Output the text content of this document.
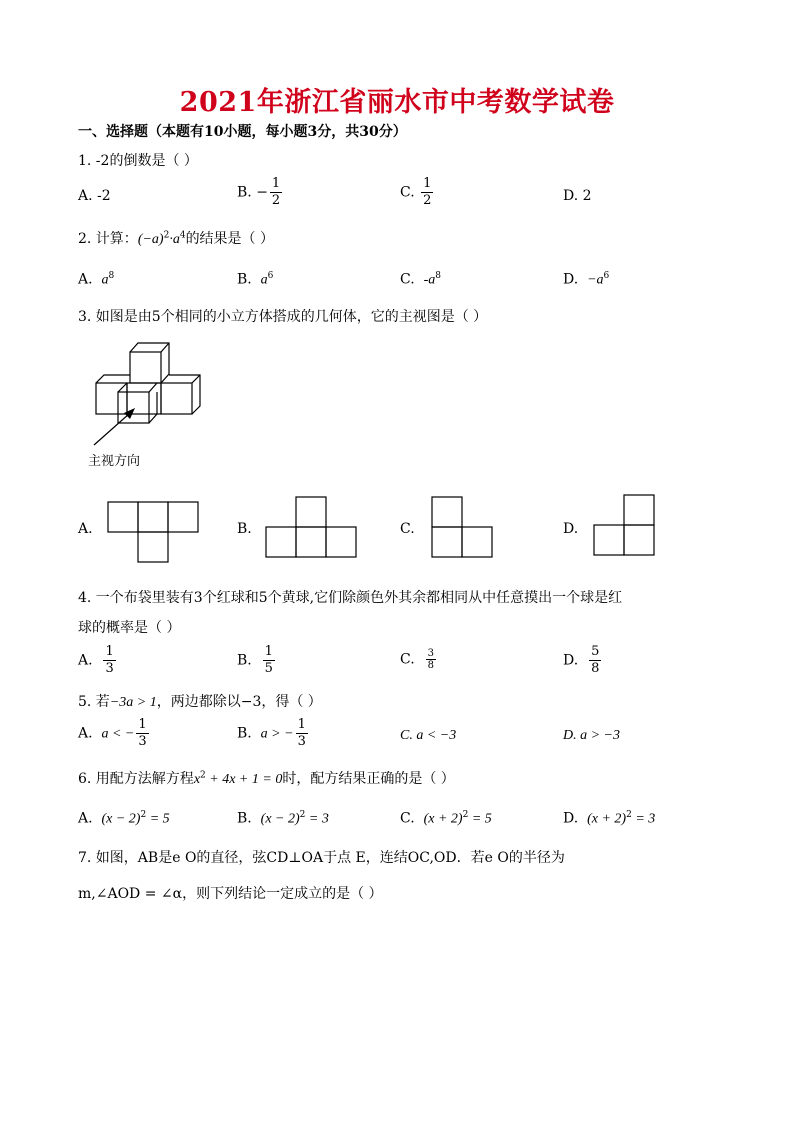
2021年浙江省丽水市中考数学试卷
一、选择题（本题有10小题，每小题3分，共30分）
1. -2的倒数是（ ）
A. -2	B. − $\frac{1}{2}$	C. $\frac{1}{2}$	D. 2
2. 计算：$(-a)^2\cdot a^4$的结果是（ ）
A. $a^8$	B. $a^6$	C. $-a^8$	D. $-a^6$
3. 如图是由5个相同的小立方体搭成的几何体，它的主视图是（ ）
主视方向
A.	B.	C.	D.
4. 一个布袋里装有3个红球和5个黄球,它们除颜色外其余都相同从中任意摸出一个球是红
球的概率是（ ）
A. $\frac{1}{3}$	B. $\frac{1}{5}$	C. $\frac{3}{8}$	D. $\frac{5}{8}$
5. 若−3a > 1，两边都除以−3，得（ ）
A. a < − $\frac{1}{3}$	B. a > − $\frac{1}{3}$	C. a < −3	D. a > −3
6. 用配方法解方程$x^2 + 4x + 1 = 0$时，配方结果正确的是（ ）
A. $(x - 2)^2 = 5$	B. $(x - 2)^2 = 3$	C. $(x + 2)^2 = 5$	D. $(x + 2)^2 = 3$
7. 如图，AB是e O的直径，弦CD⊥OA于点 E，连结OC,OD．若e O的半径为
m,∠AOD = ∠α，则下列结论一定成立的是（ ）
